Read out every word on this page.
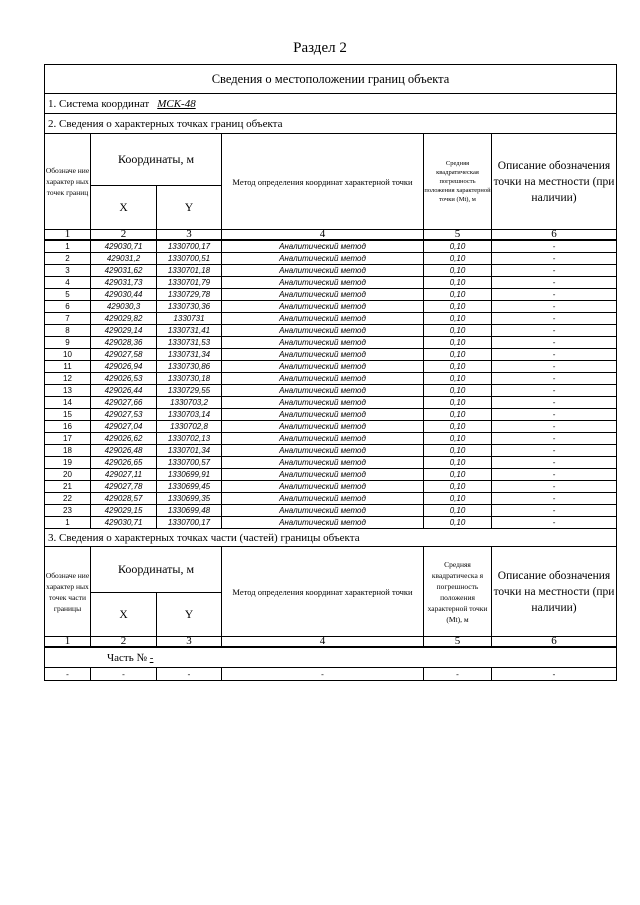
Раздел 2
Сведения о местоположении границ объекта					
1. Система координат МСК-48					
2. Сведения о характерных точках границ объекта					
Обозначе ние характер ных точек границ	Координаты, м		Метод определения координат характерной точки	Средняя квадратическая погрешность положения характерной точки (Mt), м	Описание обозначения точки на местности (при наличии)
	X	Y			
1	2	3	4	5	6
1	429030,71	1330700,17	Аналитический метод	0,10	-
2	429031,2	1330700,51	Аналитический метод	0,10	-
3	429031,62	1330701,18	Аналитический метод	0,10	-
4	429031,73	1330701,79	Аналитический метод	0,10	-
5	429030,44	1330729,78	Аналитический метод	0,10	-
6	429030,3	1330730,36	Аналитический метод	0,10	-
7	429029,82	1330731	Аналитический метод	0,10	-
8	429029,14	1330731,41	Аналитический метод	0,10	-
9	429028,36	1330731,53	Аналитический метод	0,10	-
10	429027,58	1330731,34	Аналитический метод	0,10	-
11	429026,94	1330730,86	Аналитический метод	0,10	-
12	429026,53	1330730,18	Аналитический метод	0,10	-
13	429026,44	1330729,55	Аналитический метод	0,10	-
14	429027,66	1330703,2	Аналитический метод	0,10	-
15	429027,53	1330703,14	Аналитический метод	0,10	-
16	429027,04	1330702,8	Аналитический метод	0,10	-
17	429026,62	1330702,13	Аналитический метод	0,10	-
18	429026,48	1330701,34	Аналитический метод	0,10	-
19	429026,65	1330700,57	Аналитический метод	0,10	-
20	429027,11	1330699,91	Аналитический метод	0,10	-
21	429027,78	1330699,45	Аналитический метод	0,10	-
22	429028,57	1330699,35	Аналитический метод	0,10	-
23	429029,15	1330699,48	Аналитический метод	0,10	-
1	429030,71	1330700,17	Аналитический метод	0,10	-
3. Сведения о характерных точках части (частей) границы объекта					
Обозначе ние характер ных точек части границы	Координаты, м		Метод определения координат характерной точки	Средняя квадратическа я погрешность положения характерной точки (Mt), м	Описание обозначения точки на местности (при наличии)
	X	Y			
1	2	3	4	5	6
Часть № -					
-	-	-	-	-	-
